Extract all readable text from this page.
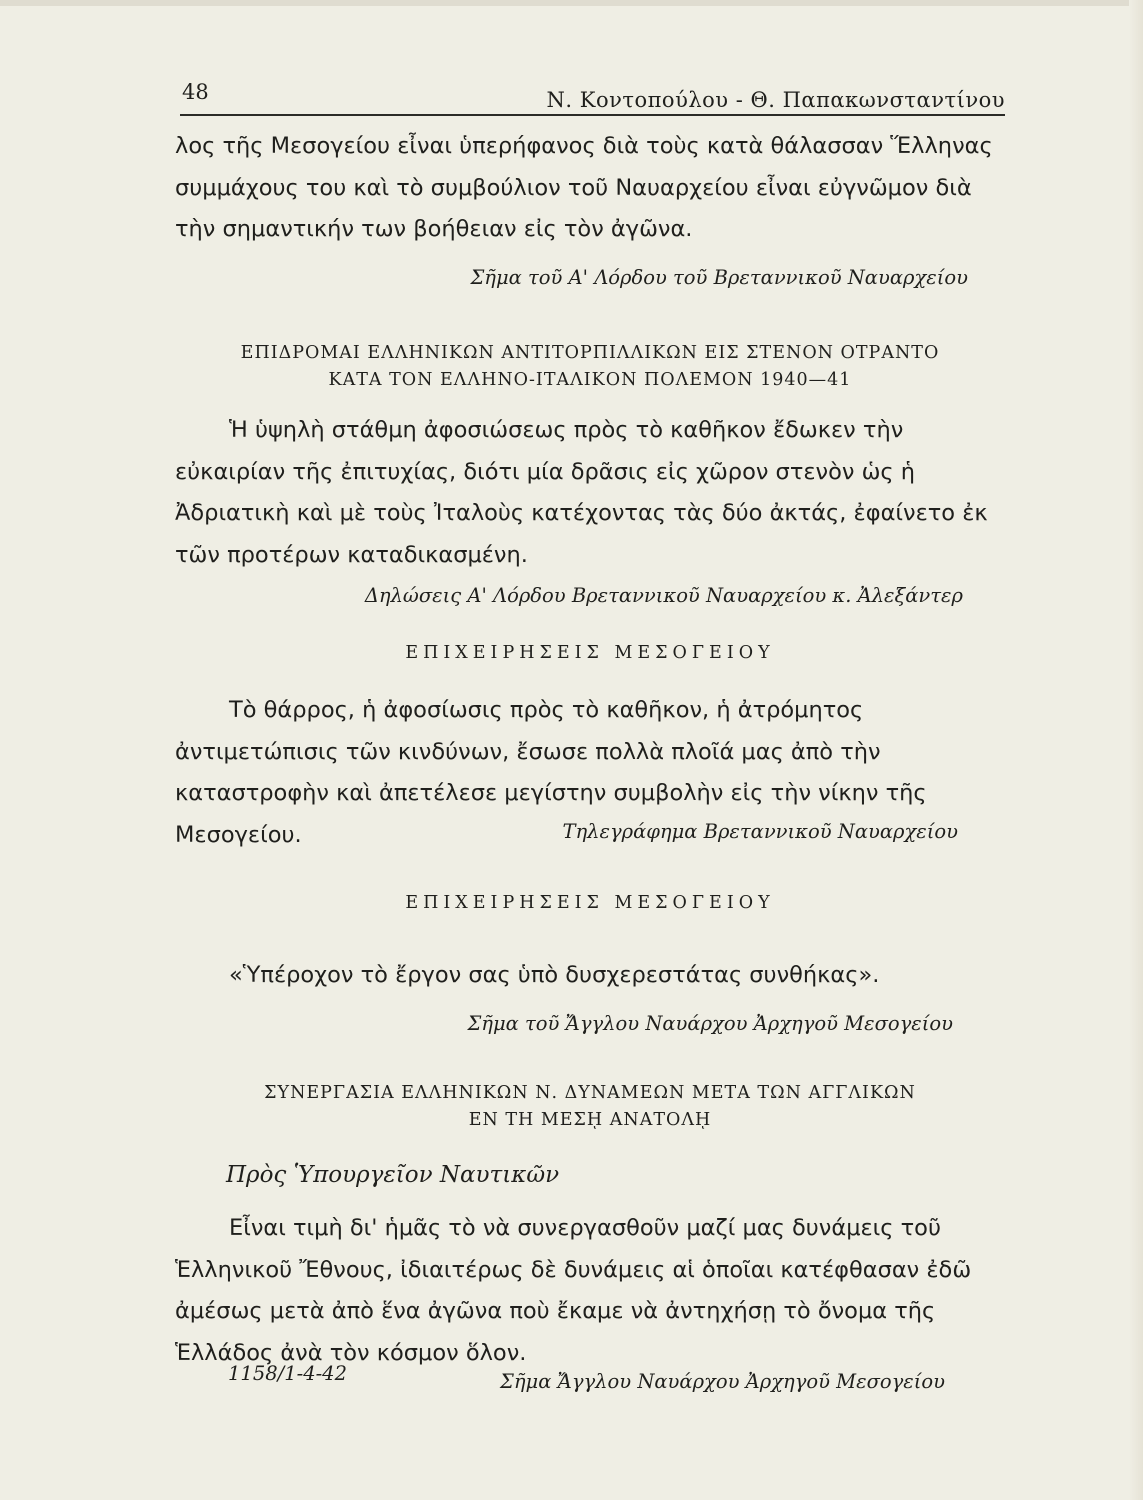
48	Ν. Κοντοπούλου - Θ. Παπακωνσταντίνου

λος τῆς Μεσογείου εἶναι ὑπερήφανος διὰ τοὺς κατὰ θάλασσαν Ἕλληνας συμμάχους του καὶ τὸ συμβούλιον τοῦ Ναυαρχείου εἶναι εὐγνῶμον διὰ τὴν σημαντικήν των βοήθειαν εἰς τὸν ἀγῶνα.

Σῆμα τοῦ Α' Λόρδου τοῦ Βρεταννικοῦ Ναυαρχείου
ΕΠΙΔΡΟΜΑΙ ΕΛΛΗΝΙΚΩΝ ΑΝΤΙΤΟΡΠΙΛΛΙΚΩΝ ΕΙΣ ΣΤΕΝΟΝ ΟΤΡΑΝΤΟ
ΚΑΤΑ ΤΟΝ ΕΛΛΗΝΟ-ΙΤΑΛΙΚΟΝ ΠΟΛΕΜΟΝ 1940—41

Ἡ ὑψηλὴ στάθμη ἀφοσιώσεως πρὸς τὸ καθῆκον ἔδωκεν τὴν εὐκαιρίαν τῆς ἐπιτυχίας, διότι μία δρᾶσις εἰς χῶρον στενὸν ὡς ἡ Ἀδριατικὴ καὶ μὲ τοὺς Ἰταλοὺς κατέχοντας τὰς δύο ἀκτάς, ἐφαίνετο ἐκ τῶν προτέρων καταδικασμένη.

Δηλώσεις Α' Λόρδου Βρεταννικοῦ Ναυαρχείου κ. Ἀλεξάντερ
ΕΠΙΧΕΙΡΗΣΕΙΣ ΜΕΣΟΓΕΙΟΥ

Τὸ θάρρος, ἡ ἀφοσίωσις πρὸς τὸ καθῆκον, ἡ ἀτρόμητος ἀντιμετώπισις τῶν κινδύνων, ἔσωσε πολλὰ πλοῖά μας ἀπὸ τὴν καταστροφὴν καὶ ἀπετέλεσε μεγίστην συμβολὴν εἰς τὴν νίκην τῆς Μεσογείου.	Τηλεγράφημα Βρεταννικοῦ Ναυαρχείου
ΕΠΙΧΕΙΡΗΣΕΙΣ ΜΕΣΟΓΕΙΟΥ

«Ὑπέροχον τὸ ἔργον σας ὑπὸ δυσχερεστάτας συνθήκας».

Σῆμα τοῦ Ἄγγλου Ναυάρχου Ἀρχηγοῦ Μεσογείου
ΣΥΝΕΡΓΑΣΙΑ ΕΛΛΗΝΙΚΩΝ Ν. ΔΥΝΑΜΕΩΝ ΜΕΤΑ ΤΩΝ ΑΓΓΛΙΚΩΝ
ΕΝ ΤΗ ΜΕΣῌ ΑΝΑΤΟΛῌ
Πρὸς Ὑπουργεῖον Ναυτικῶν

Εἶναι τιμὴ δι' ἡμᾶς τὸ νὰ συνεργασθοῦν μαζί μας δυνάμεις τοῦ Ἑλληνικοῦ Ἔθνους, ἰδιαιτέρως δὲ δυνάμεις αἱ ὁποῖαι κατέφθασαν ἐδῶ ἀμέσως μετὰ ἀπὸ ἕνα ἀγῶνα ποὺ ἔκαμε νὰ ἀντηχήσῃ τὸ ὄνομα τῆς Ἑλλάδος ἀνὰ τὸν κόσμον ὅλον.

1158/1-4-42	Σῆμα Ἄγγλου Ναυάρχου Ἀρχηγοῦ Μεσογείου
